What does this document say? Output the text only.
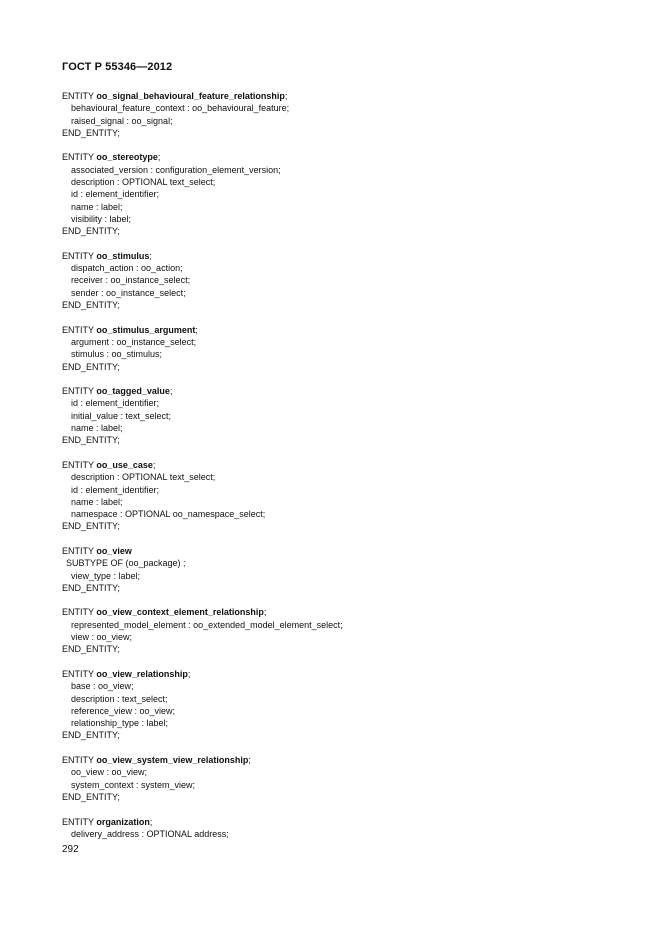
ГОСТ Р 55346—2012
ENTITY oo_signal_behavioural_feature_relationship;
behavioural_feature_context : oo_behavioural_feature;
raised_signal : oo_signal;
END_ENTITY;
ENTITY oo_stereotype;
associated_version : configuration_element_version;
description : OPTIONAL text_select;
id : element_identifier;
name : label;
visibility : label;
END_ENTITY;
ENTITY oo_stimulus;
dispatch_action : oo_action;
receiver : oo_instance_select;
sender : oo_instance_select;
END_ENTITY;
ENTITY oo_stimulus_argument;
argument : oo_instance_select;
stimulus : oo_stimulus;
END_ENTITY;
ENTITY oo_tagged_value;
id : element_identifier;
initial_value : text_select;
name : label;
END_ENTITY;
ENTITY oo_use_case;
description : OPTIONAL text_select;
id : element_identifier;
name : label;
namespace : OPTIONAL oo_namespace_select;
END_ENTITY;
ENTITY oo_view
SUBTYPE OF (oo_package) ;
view_type : label;
END_ENTITY;
ENTITY oo_view_context_element_relationship;
represented_model_element : oo_extended_model_element_select;
view : oo_view;
END_ENTITY;
ENTITY oo_view_relationship;
base : oo_view;
description : text_select;
reference_view : oo_view;
relationship_type : label;
END_ENTITY;
ENTITY oo_view_system_view_relationship;
oo_view : oo_view;
system_context : system_view;
END_ENTITY;
ENTITY organization;
delivery_address : OPTIONAL address;
292
